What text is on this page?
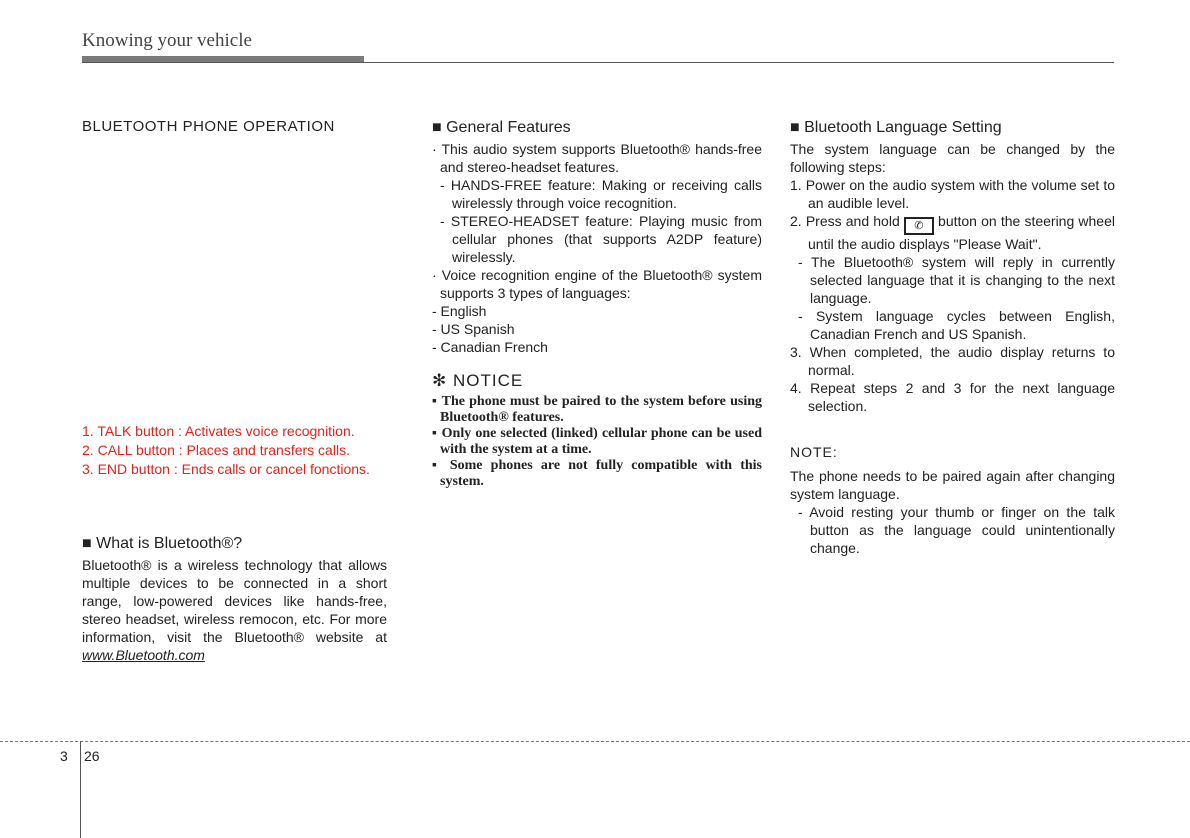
Knowing your vehicle
BLUETOOTH PHONE OPERATION

1. TALK button : Activates voice recognition.

2. CALL button : Places and transfers calls.

3. END button : Ends calls or cancel fonctions.

■ What is Bluetooth®?

Bluetooth® is a wireless technology that allows multiple devices to be connected in a short range, low-powered devices like hands-free, stereo headset, wireless remocon, etc. For more information, visit the Bluetooth® website at www.Bluetooth.com

■ General Features

· This audio system supports Bluetooth® hands-free and stereo-headset features.

- HANDS-FREE feature: Making or receiving calls wirelessly through voice recognition.

- STEREO-HEADSET feature: Playing music from cellular phones (that supports A2DP feature) wirelessly.

· Voice recognition engine of the Bluetooth® system supports 3 types of languages:

- English

- US Spanish

- Canadian French

✻ NOTICE

▪ The phone must be paired to the system before using Bluetooth® features.

▪ Only one selected (linked) cellular phone can be used with the system at a time.

▪ Some phones are not fully compatible with this system.

■ Bluetooth Language Setting

The system language can be changed by the following steps:

1. Power on the audio system with the volume set to an audible level.

2. Press and hold ✆ button on the steering wheel until the audio displays "Please Wait".

- The Bluetooth® system will reply in currently selected language that it is changing to the next language.

- System language cycles between English, Canadian French and US Spanish.

3. When completed, the audio display returns to normal.

4. Repeat steps 2 and 3 for the next language selection.

NOTE:

The phone needs to be paired again after changing system language.

- Avoid resting your thumb or finger on the talk button as the language could unintentionally change.

3 26
